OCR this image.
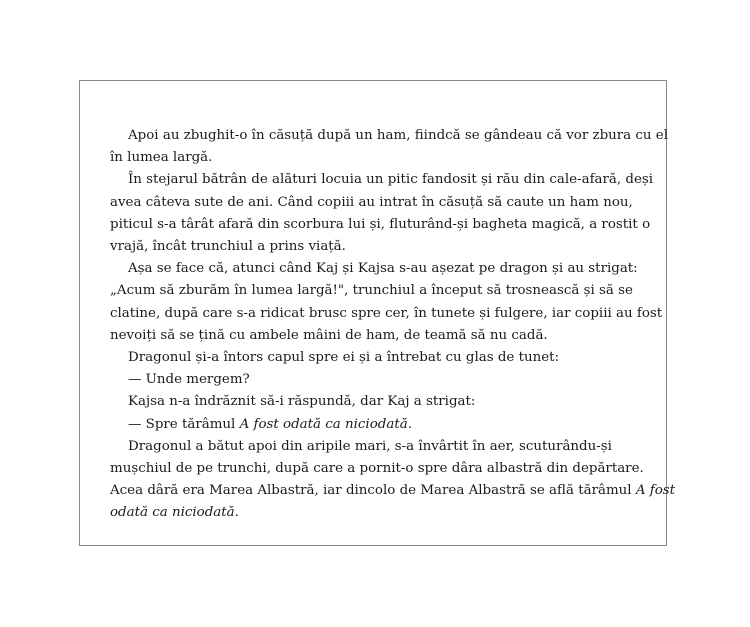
Apoi au zbughit-o în căsuță după un ham, fiindcă se gândeau că vor zbura cu el
în lumea largă.

În stejarul bătrân de alături locuia un pitic fandosit și rău din cale-afară, deși
avea câteva sute de ani. Când copiii au intrat în căsuță să caute un ham nou,
piticul s-a târât afară din scorbura lui și, fluturând-și bagheta magică, a rostit o
vrajă, încât trunchiul a prins viață.

Așa se face că, atunci când Kaj și Kajsa s-au așezat pe dragon și au strigat:
„Acum să zburăm în lumea largă!", trunchiul a început să trosnească și să se
clatine, după care s-a ridicat brusc spre cer, în tunete și fulgere, iar copiii au fost
nevoiți să se țină cu ambele mâini de ham, de teamă să nu cadă.

Dragonul și-a întors capul spre ei și a întrebat cu glas de tunet:

— Unde mergem?

Kajsa n-a îndrăznit să-i răspundă, dar Kaj a strigat:

— Spre tărâmul A fost odată ca niciodată.

Dragonul a bătut apoi din aripile mari, s-a învârtit în aer, scuturându-și
mușchiul de pe trunchi, după care a pornit-o spre dâra albastră din depărtare.
Acea dâră era Marea Albastră, iar dincolo de Marea Albastră se află tărâmul A fost
odată ca niciodată.
